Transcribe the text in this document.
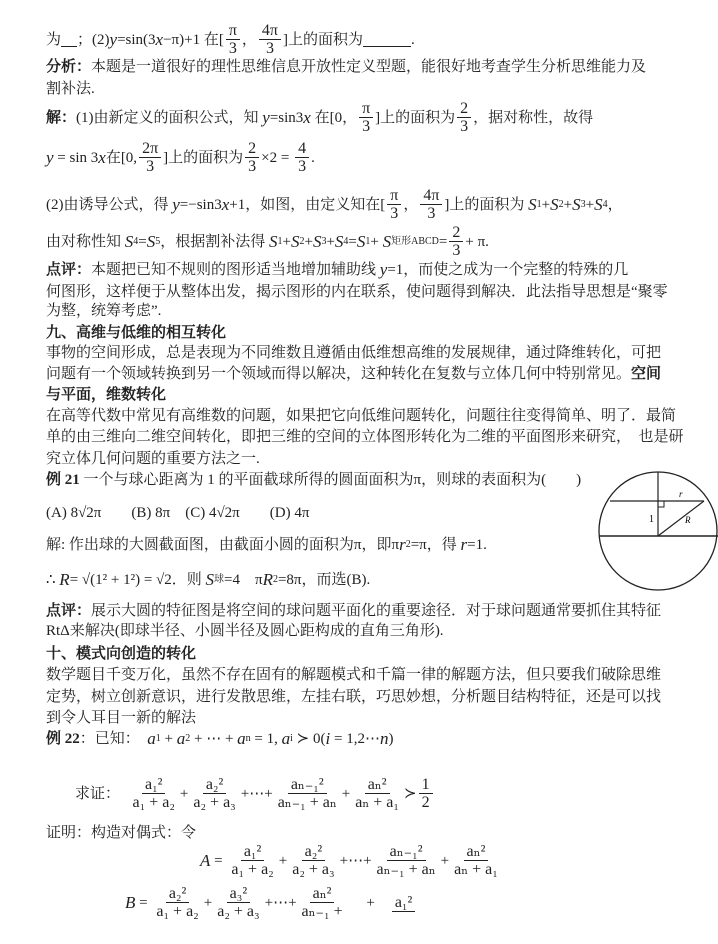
为 ；(2) y =sin(3 x −π)+1 在[ $\frac{\pi}{3}$ ， $\frac{4\pi}{3}$ ]上的面积为	.
分析： 本题是一道很好的理性思维信息开放性定义型题，能很好地考查学生分析思维能力及
割补法.
解： (1)由新定义的面积公式，知 y =sin3 x 在[0， $\frac{\pi}{3}$ ]上的面积为 $\frac{2}{3}$ ，据对称性，故得
y = sin 3 x 在[0, $\frac{2\pi}{3}$ ]上的面积为 $\frac{2}{3} \times 2 = \frac{4}{3}$ .
(2)由诱导公式，得 y =−sin3 x +1，如图，由定义知在[ $\frac{\pi}{3}$ ， $\frac{4\pi}{3}$ ]上的面积为 S 1 + S 2 + S 3 + S 4 ，
由对称性知 S 4 = S 5 ，根据割补法得 S 1 + S 2 + S 3 + S 4 = S 1 + S 矩形ABCD = $\frac{2}{3} + \pi$.
点评： 本题把已知不规则的图形适当地增加辅助线 y =1，而使之成为一个完整的特殊的几
何图形，这样便于从整体出发，揭示图形的内在联系，使问题得到解决．此法指导思想是“聚零
为整，统筹考虑”.
九、高维与低维的相互转化
事物的空间形成，总是表现为不同维数且遵循由低维想高维的发展规律，通过降维转化，可把
问题有一个领域转换到另一个领域而得以解决，这种转化在复数与立体几何中特别常见。 空间
与平面，维数转化
在高等代数中常见有高维数的问题，如果把它向低维问题转化，问题往往变得简单、明了．最简
单的由三维向二维空间转化，即把三维的空间的立体图形转化为二维的平面图形来研究，  也是研
究立体几何问题的重要方法之一.
例 21 一个与球心距离为 1 的平面截球所得的圆面面积为π，则球的表面积为(　　)
(A) 8√2π　　(B) 8π　(C) 4√2π　　(D) 4π
解: 作出球的大圆截面图，由截面小圆的面积为π，即π r 2 =π，得 r =1.
∴ R = √(1² + 1²) = √2．则 S 球 =4　π R 2 =8π，而选(B).
点评： 展示大圆的特征图是将空间的球问题平面化的重要途径．对于球问题通常要抓住其特征
RtΔ来解决(即球半径、小圆半径及圆心距构成的直角三角形).
十、模式向创造的转化
数学题目千变万化，虽然不存在固有的解题模式和千篇一律的解题方法，但只要我们破除思维
定势，树立创新意识，进行发散思维，左挂右联，巧思妙想，分析题目结构特征，还是可以找
到令人耳目一新的解法
例 22 ：已知：　 a 1 + a 2 + ⋯ + a n = 1, a i ≻ 0( i = 1,2⋯ n )
求证： $\frac{\text{a₁²}}{\text{a₁ + a₂}} + \frac{\text{a₂²}}{\text{a₂ + a₃}}$ +⋯+ $\frac{\text{aₙ₋₁²}}{\text{aₙ₋₁ + aₙ}} + \frac{\text{aₙ²}}{\text{aₙ + a₁}}$ ≻ $\frac{1}{2}$
证明：构造对偶式：令
$A = \frac{\text{a₁²}}{\text{a₁ + a₂}} + \frac{\text{a₂²}}{\text{a₂ + a₃}}$ +⋯+ $\frac{\text{aₙ₋₁²}}{\text{aₙ₋₁ + aₙ}} + \frac{\text{aₙ²}}{\text{aₙ + a₁}}$
$B = \frac{\text{a₂²}}{\text{a₁ + a₂}} + \frac{\text{a₃²}}{\text{a₂ + a₃}}$ +⋯+ $\frac{\text{aₙ²}}{\text{aₙ₋₁ +}}$ 　 +　 a₁²
1
r
R
